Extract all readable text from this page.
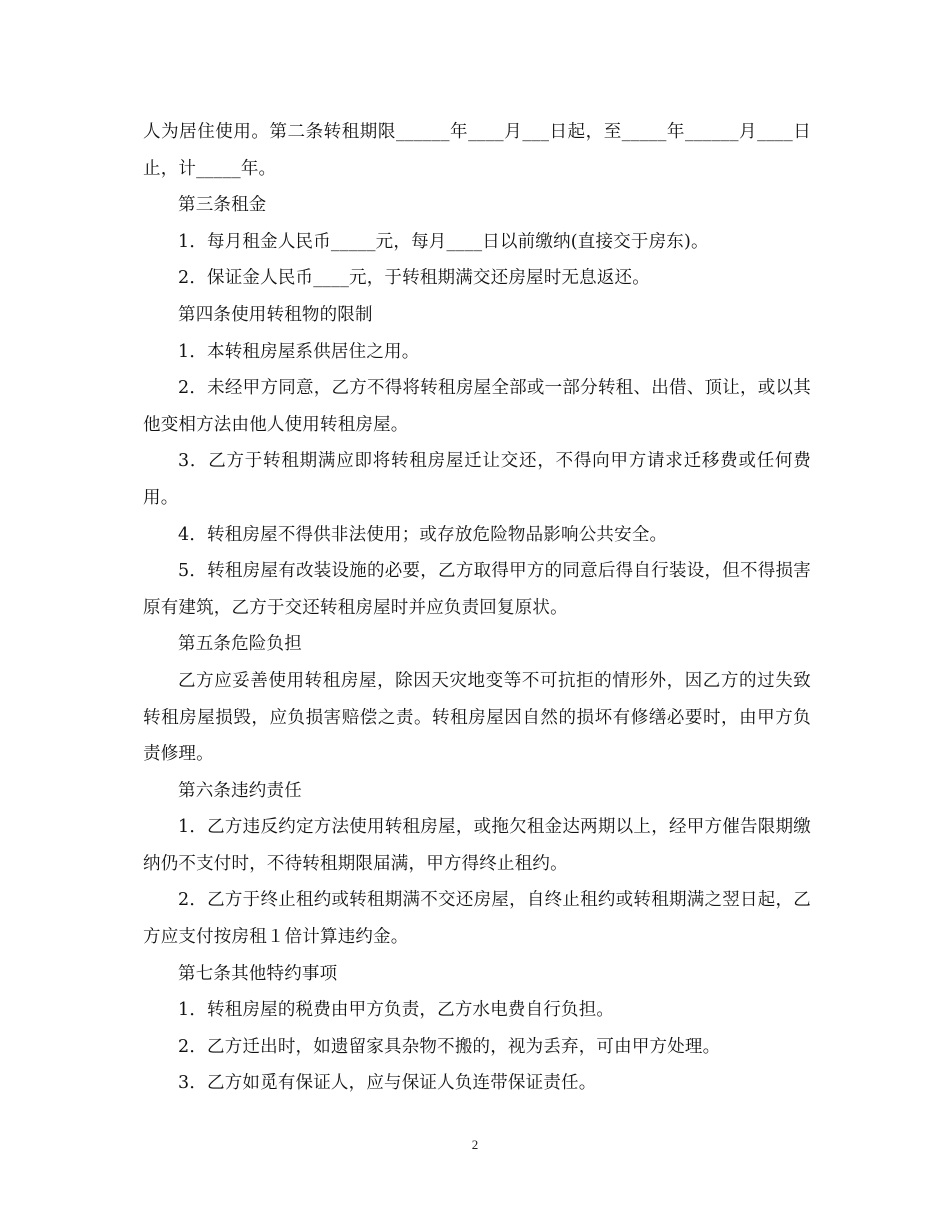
人为居住使用。第二条转租期限______年____月___日起，至_____年______月____日止，计_____年。

第三条租金

1．每月租金人民币_____元，每月____日以前缴纳(直接交于房东)。

2．保证金人民币____元，于转租期满交还房屋时无息返还。

第四条使用转租物的限制

1．本转租房屋系供居住之用。

2．未经甲方同意，乙方不得将转租房屋全部或一部分转租、出借、顶让，或以其他变相方法由他人使用转租房屋。

3．乙方于转租期满应即将转租房屋迁让交还，不得向甲方请求迁移费或任何费用。

4．转租房屋不得供非法使用；或存放危险物品影响公共安全。

5．转租房屋有改装设施的必要，乙方取得甲方的同意后得自行装设，但不得损害原有建筑，乙方于交还转租房屋时并应负责回复原状。

第五条危险负担

乙方应妥善使用转租房屋，除因天灾地变等不可抗拒的情形外，因乙方的过失致转租房屋损毁，应负损害赔偿之责。转租房屋因自然的损坏有修缮必要时，由甲方负责修理。

第六条违约责任

1．乙方违反约定方法使用转租房屋，或拖欠租金达两期以上，经甲方催告限期缴纳仍不支付时，不待转租期限届满，甲方得终止租约。

2．乙方于终止租约或转租期满不交还房屋，自终止租约或转租期满之翌日起，乙方应支付按房租１倍计算违约金。

第七条其他特约事项

1．转租房屋的税费由甲方负责，乙方水电费自行负担。

2．乙方迁出时，如遗留家具杂物不搬的，视为丢弃，可由甲方处理。

3．乙方如觅有保证人，应与保证人负连带保证责任。

2
